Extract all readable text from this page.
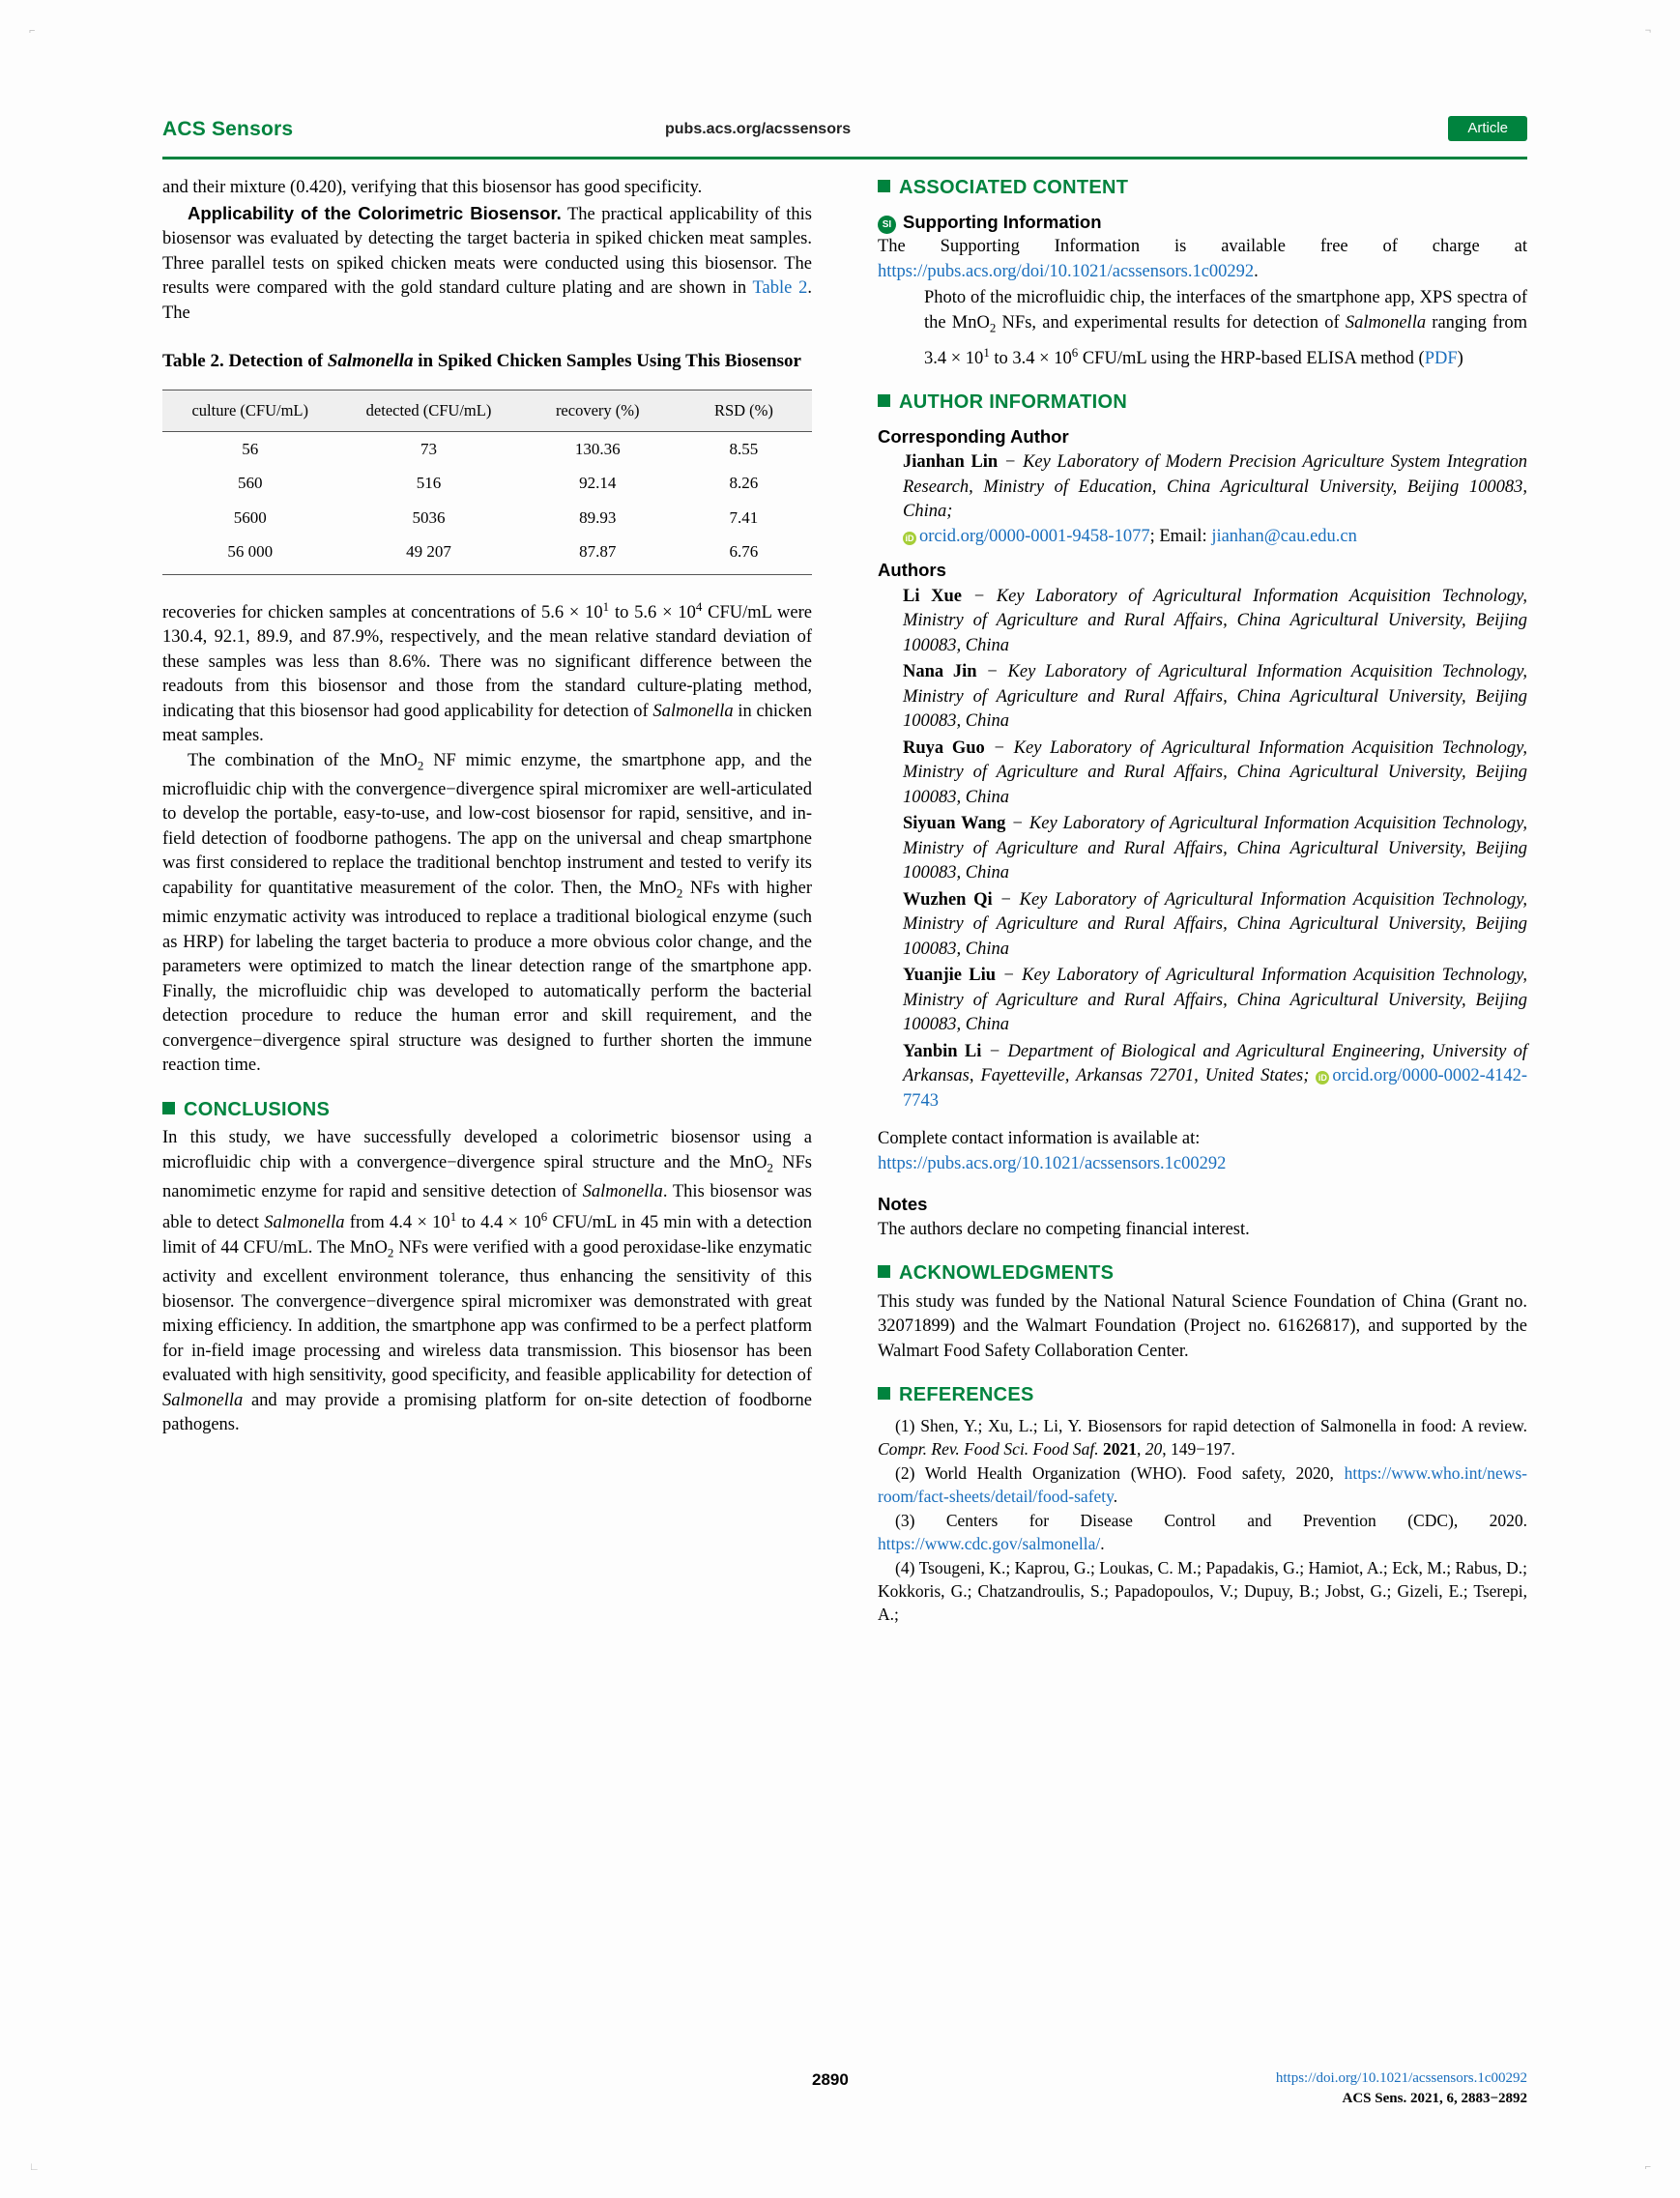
⌐	¬
∟	⌐
ACS Sensors	pubs.acs.org/acssensors	Article

and their mixture (0.420), verifying that this biosensor has good specificity.

Applicability of the Colorimetric Biosensor. The practical applicability of this biosensor was evaluated by detecting the target bacteria in spiked chicken meat samples. Three parallel tests on spiked chicken meats were conducted using this biosensor. The results were compared with the gold standard culture plating and are shown in Table 2. The

Table 2. Detection of Salmonella in Spiked Chicken Samples Using This Biosensor

culture (CFU/mL)	detected (CFU/mL)	recovery (%)	RSD (%)
56	73	130.36	8.55
560	516	92.14	8.26
5600	5036	89.93	7.41
56 000	49 207	87.87	6.76

recoveries for chicken samples at concentrations of $5.6 \times 10^1$ to $5.6 \times 10^4$ CFU/mL were 130.4, 92.1, 89.9, and 87.9%, respectively, and the mean relative standard deviation of these samples was less than 8.6%. There was no significant difference between the readouts from this biosensor and those from the standard culture-plating method, indicating that this biosensor had good applicability for detection of Salmonella in chicken meat samples.

The combination of the MnO$_2$ NF mimic enzyme, the smartphone app, and the microfluidic chip with the convergence−divergence spiral micromixer are well-articulated to develop the portable, easy-to-use, and low-cost biosensor for rapid, sensitive, and in-field detection of foodborne pathogens. The app on the universal and cheap smartphone was first considered to replace the traditional benchtop instrument and tested to verify its capability for quantitative measurement of the color. Then, the MnO$_2$ NFs with higher mimic enzymatic activity was introduced to replace a traditional biological enzyme (such as HRP) for labeling the target bacteria to produce a more obvious color change, and the parameters were optimized to match the linear detection range of the smartphone app. Finally, the microfluidic chip was developed to automatically perform the bacterial detection procedure to reduce the human error and skill requirement, and the convergence−divergence spiral structure was designed to further shorten the immune reaction time.

CONCLUSIONS

In this study, we have successfully developed a colorimetric biosensor using a microfluidic chip with a convergence−divergence spiral structure and the MnO$_2$ NFs nanomimetic enzyme for rapid and sensitive detection of Salmonella. This biosensor was able to detect Salmonella from $4.4 \times 10^1$ to $4.4 \times 10^6$ CFU/mL in 45 min with a detection limit of 44 CFU/mL. The MnO$_2$ NFs were verified with a good peroxidase-like enzymatic activity and excellent environment tolerance, thus enhancing the sensitivity of this biosensor. The convergence−divergence spiral micromixer was demonstrated with great mixing efficiency. In addition, the smartphone app was confirmed to be a perfect platform for in-field image processing and wireless data transmission. This biosensor has been evaluated with high sensitivity, good specificity, and feasible applicability for detection of Salmonella and may provide a promising platform for on-site detection of foodborne pathogens.

ASSOCIATED CONTENT

SI Supporting Information

The Supporting Information is available free of charge at https://pubs.acs.org/doi/10.1021/acssensors.1c00292.

Photo of the microfluidic chip, the interfaces of the smartphone app, XPS spectra of the MnO$_2$ NFs, and experimental results for detection of Salmonella ranging from $3.4 \times 10^1$ to $3.4 \times 10^6$ CFU/mL using the HRP-based ELISA method (PDF)

AUTHOR INFORMATION

Corresponding Author

Jianhan Lin − Key Laboratory of Modern Precision Agriculture System Integration Research, Ministry of Education, China Agricultural University, Beijing 100083, China;
iD orcid.org/0000-0001-9458-1077; Email: jianhan@cau.edu.cn

Authors

Li Xue − Key Laboratory of Agricultural Information Acquisition Technology, Ministry of Agriculture and Rural Affairs, China Agricultural University, Beijing 100083, China

Nana Jin − Key Laboratory of Agricultural Information Acquisition Technology, Ministry of Agriculture and Rural Affairs, China Agricultural University, Beijing 100083, China

Ruya Guo − Key Laboratory of Agricultural Information Acquisition Technology, Ministry of Agriculture and Rural Affairs, China Agricultural University, Beijing 100083, China

Siyuan Wang − Key Laboratory of Agricultural Information Acquisition Technology, Ministry of Agriculture and Rural Affairs, China Agricultural University, Beijing 100083, China

Wuzhen Qi − Key Laboratory of Agricultural Information Acquisition Technology, Ministry of Agriculture and Rural Affairs, China Agricultural University, Beijing 100083, China

Yuanjie Liu − Key Laboratory of Agricultural Information Acquisition Technology, Ministry of Agriculture and Rural Affairs, China Agricultural University, Beijing 100083, China

Yanbin Li − Department of Biological and Agricultural Engineering, University of Arkansas, Fayetteville, Arkansas 72701, United States; iD orcid.org/0000-0002-4142-7743

Complete contact information is available at:
https://pubs.acs.org/10.1021/acssensors.1c00292

Notes

The authors declare no competing financial interest.

ACKNOWLEDGMENTS

This study was funded by the National Natural Science Foundation of China (Grant no. 32071899) and the Walmart Foundation (Project no. 61626817), and supported by the Walmart Food Safety Collaboration Center.

REFERENCES

(1) Shen, Y.; Xu, L.; Li, Y. Biosensors for rapid detection of Salmonella in food: A review. Compr. Rev. Food Sci. Food Saf. 2021, 20, 149−197.

(2) World Health Organization (WHO). Food safety, 2020, https://www.who.int/news-room/fact-sheets/detail/food-safety.

(3) Centers for Disease Control and Prevention (CDC), 2020. https://www.cdc.gov/salmonella/.

(4) Tsougeni, K.; Kaprou, G.; Loukas, C. M.; Papadakis, G.; Hamiot, A.; Eck, M.; Rabus, D.; Kokkoris, G.; Chatzandroulis, S.; Papadopoulos, V.; Dupuy, B.; Jobst, G.; Gizeli, E.; Tserepi, A.;

2890	https://doi.org/10.1021/acssensors.1c00292
ACS Sens. 2021, 6, 2883−2892
